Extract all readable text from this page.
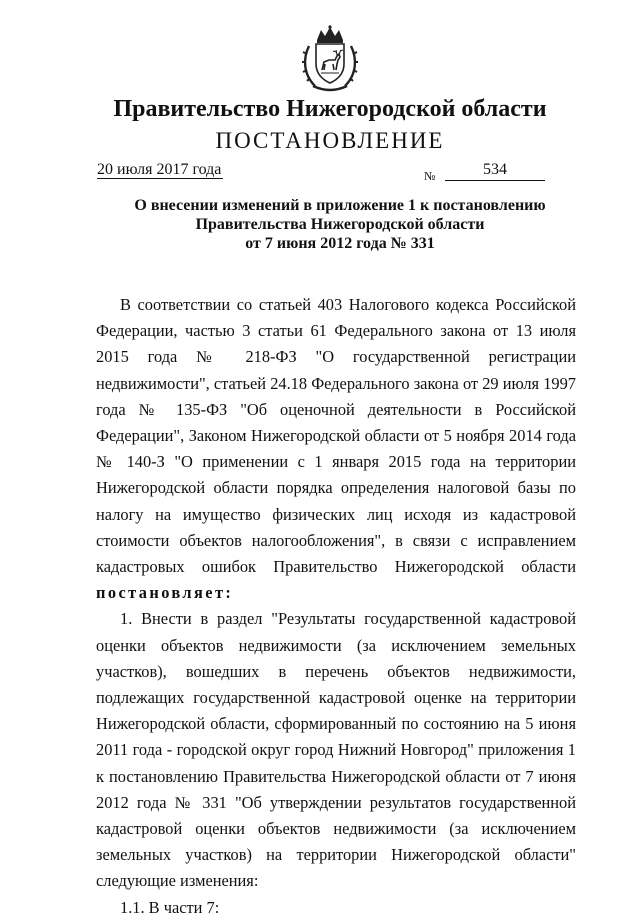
Правительство Нижегородской области
ПОСТАНОВЛЕНИЕ
20 июля 2017 года	№	534
О внесении изменений в приложение 1 к постановлению
Правительства Нижегородской области
от 7 июня 2012 года № 331

В соответствии со статьей 403 Налогового кодекса Российской Федерации, частью 3 статьи 61 Федерального закона от 13 июля 2015 года № 218-ФЗ "О государственной регистрации недвижимости", статьей 24.18 Федерального закона от 29 июля 1997 года № 135-ФЗ "Об оценочной деятельности в Российской Федерации", Законом Нижегородской области от 5 ноября 2014 года № 140-З "О применении с 1 января 2015 года на территории Нижегородской области порядка определения налоговой базы по налогу на имущество физических лиц исходя из кадастровой стоимости объектов налогообложения", в связи с исправлением кадастровых ошибок Правительство Нижегородской области постановляет:

1. Внести в раздел "Результаты государственной кадастровой оценки объектов недвижимости (за исключением земельных участков), вошедших в перечень объектов недвижимости, подлежащих государственной кадастровой оценке на территории Нижегородской области, сформированный по состоянию на 5 июня 2011 года - городской округ город Нижний Новгород" приложения 1 к постановлению Правительства Нижегородской области от 7 июня 2012 года № 331 "Об утверждении результатов государственной кадастровой оценки объектов недвижимости (за исключением земельных участков) на территории Нижегородской области" следующие изменения:

1.1. В части 7:
